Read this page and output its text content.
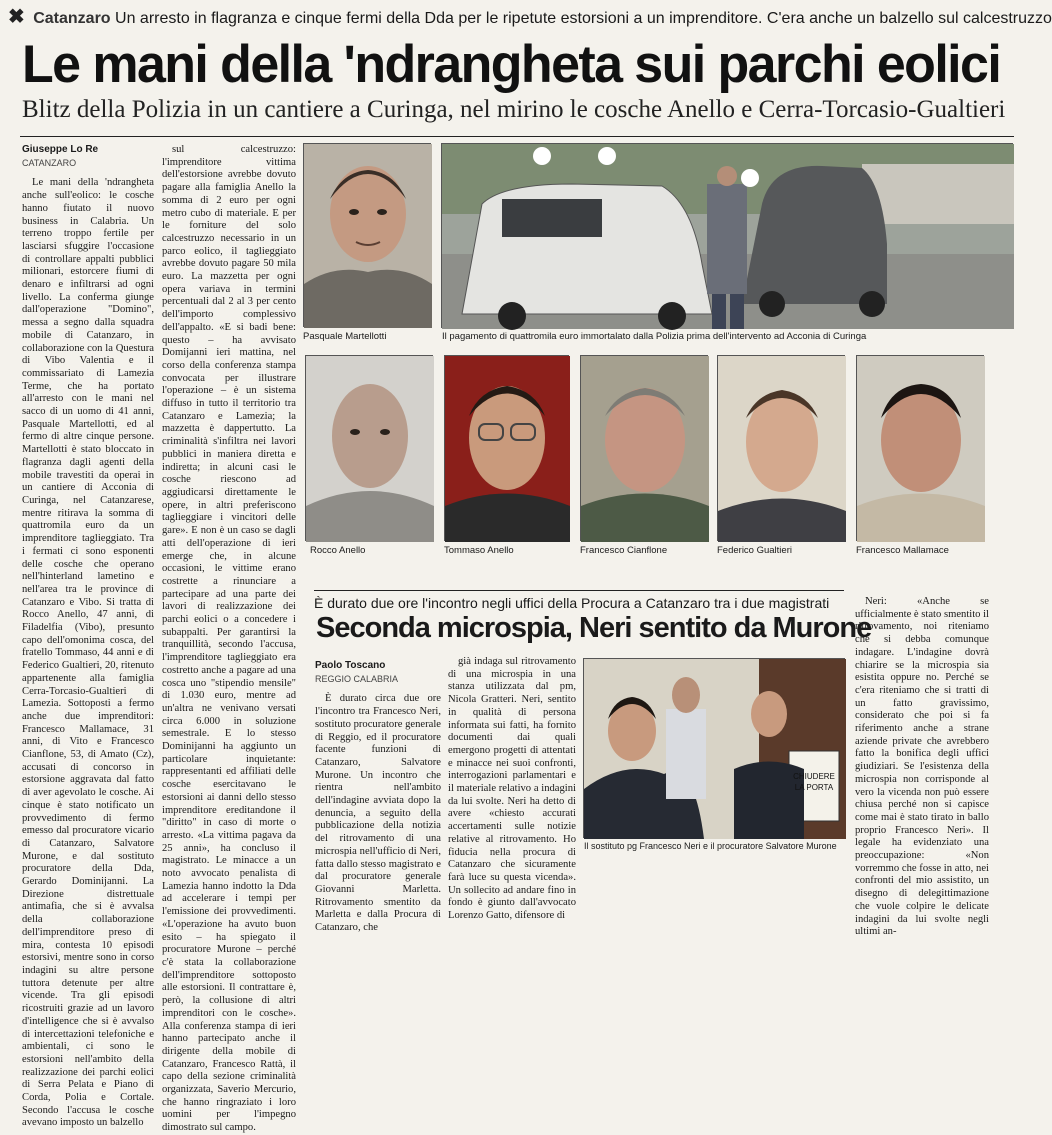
✖ Catanzaro Un arresto in flagranza e cinque fermi della Dda per le ripetute estorsioni a un imprenditore. C'era anche un balzello sul calcestruzzo
Le mani della 'ndrangheta sui parchi eolici
Blitz della Polizia in un cantiere a Curinga, nel mirino le cosche Anello e Cerra-Torcasio-Gualtieri
Giuseppe Lo Re
CATANZARO

Le mani della 'ndrangheta anche sull'eolico: le cosche hanno fiutato il nuovo business in Calabria. Un terreno troppo fertile per lasciarsi sfuggire l'occasione di controllare appalti pubblici milionari, estorcere fiumi di denaro e infiltrarsi ad ogni livello. La conferma giunge dall'operazione "Domino", messa a segno dalla squadra mobile di Catanzaro, in collaborazione con la Questura di Vibo Valentia e il commissariato di Lamezia Terme, che ha portato all'arresto con le mani nel sacco di un uomo di 41 anni, Pasquale Martellotti, ed al fermo di altre cinque persone. Martellotti è stato bloccato in flagranza dagli agenti della mobile travestiti da operai in un cantiere di Acconia di Curinga, nel Catanzarese, mentre ritirava la somma di quattromila euro da un imprenditore taglieggiato. Tra i fermati ci sono esponenti delle cosche che operano nell'hinterland lametino e nell'area tra le province di Catanzaro e Vibo. Si tratta di Rocco Anello, 47 anni, di Filadelfia (Vibo), presunto capo dell'omonima cosca, del fratello Tommaso, 44 anni e di Federico Gualtieri, 20, ritenuto appartenente alla famiglia Cerra-Torcasio-Gualtieri di Lamezia. Sottoposti a fermo anche due imprenditori: Francesco Mallamace, 31 anni, di Vito e Francesco Cianflone, 53, di Amato (Cz), accusati di concorso in estorsione aggravata dal fatto di aver agevolato le cosche. Ai cinque è stato notificato un provvedimento di fermo emesso dal procuratore vicario di Catanzaro, Salvatore Murone, e dal sostituto procuratore della Dda, Gerardo Dominijanni. La Direzione distrettuale antimafia, che si è avvalsa della collaborazione dell'imprenditore preso di mira, contesta 10 episodi estorsivi, mentre sono in corso indagini su altre persone tuttora detenute per altre vicende. Tra gli episodi ricostruiti grazie ad un lavoro d'intelligence che si è avvalso di intercettazioni telefoniche e ambientali, ci sono le estorsioni nell'ambito della realizzazione dei parchi eolici di Serra Pelata e Piano di Corda, Polia e Cortale. Secondo l'accusa le cosche avevano imposto un balzello

sul calcestruzzo: l'imprenditore vittima dell'estorsione avrebbe dovuto pagare alla famiglia Anello la somma di 2 euro per ogni metro cubo di materiale. E per le forniture del solo calcestruzzo necessario in un parco eolico, il taglieggiato avrebbe dovuto pagare 50 mila euro. La mazzetta per ogni opera variava in termini percentuali dal 2 al 3 per cento dell'importo complessivo dell'appalto. «E si badi bene: questo – ha avvisato Domijanni ieri mattina, nel corso della conferenza stampa convocata per illustrare l'operazione – è un sistema diffuso in tutto il territorio tra Catanzaro e Lamezia; la mazzetta è dappertutto. La criminalità s'infiltra nei lavori pubblici in maniera diretta e indiretta; in alcuni casi le cosche riescono ad aggiudicarsi direttamente le opere, in altri preferiscono taglieggiare i vincitori delle gare». E non è un caso se dagli atti dell'operazione di ieri emerge che, in alcune occasioni, le vittime erano costrette a rinunciare a partecipare ad una parte dei lavori di realizzazione dei parchi eolici o a concedere i subappalti. Per garantirsi la tranquillità, secondo l'accusa, l'imprenditore taglieggiato era costretto anche a pagare ad una cosca uno "stipendio mensile" di 1.030 euro, mentre ad un'altra ne venivano versati circa 6.000 in soluzione semestrale. E lo stesso Dominijanni ha aggiunto un particolare inquietante: rappresentanti ed affiliati delle cosche esercitavano le estorsioni ai danni dello stesso imprenditore ereditandone il "diritto" in caso di morte o arresto. «La vittima pagava da 25 anni», ha concluso il magistrato. Le minacce a un noto avvocato penalista di Lamezia hanno indotto la Dda ad accelerare i tempi per l'emissione dei provvedimenti. «L'operazione ha avuto buon esito – ha spiegato il procuratore Murone – perché c'è stata la collaborazione dell'imprenditore sottoposto alle estorsioni. Il contrattare è, però, la collusione di altri imprenditori con le cosche». Alla conferenza stampa di ieri hanno partecipato anche il dirigente della mobile di Catanzaro, Francesco Rattà, il capo della sezione criminalità organizzata, Saverio Mercurio, che hanno ringraziato i loro uomini per l'impegno dimostrato sul campo.

Pasquale Martellotti	Il pagamento di quattromila euro immortalato dalla Polizia prima dell'intervento ad Acconia di Curinga
Rocco Anello	Tommaso Anello	Francesco Cianflone	Federico Gualtieri	Francesco Mallamace
È durato due ore l'incontro negli uffici della Procura a Catanzaro tra i due magistrati
Seconda microspia, Neri sentito da Murone
Paolo Toscano
REGGIO CALABRIA

È durato circa due ore l'incontro tra Francesco Neri, sostituto procuratore generale di Reggio, ed il procuratore facente funzioni di Catanzaro, Salvatore Murone. Un incontro che rientra nell'ambito dell'indagine avviata dopo la denuncia, a seguito della pubblicazione della notizia del ritrovamento di una microspia nell'ufficio di Neri, fatta dallo stesso magistrato e dal procuratore generale Giovanni Marletta. Ritrovamento smentito da Marletta e dalla Procura di Catanzaro, che

già indaga sul ritrovamento di una microspia in una stanza utilizzata dal pm, Nicola Gratteri. Neri, sentito in qualità di persona informata sui fatti, ha fornito documenti dai quali emergono progetti di attentati e minacce nei suoi confronti, interrogazioni parlamentari e il materiale relativo a indagini da lui svolte. Neri ha detto di avere «chiesto accurati accertamenti sulle notizie relative al ritrovamento. Ho fiducia nella procura di Catanzaro che sicuramente farà luce su questa vicenda». Un sollecito ad andare fino in fondo è giunto dall'avvocato Lorenzo Gatto, difensore di

CHIUDERE LA PORTA
Il sostituto pg Francesco Neri e il procuratore Salvatore Murone

Neri: «Anche se ufficialmente è stato smentito il ritrovamento, noi riteniamo che si debba comunque indagare. L'indagine dovrà chiarire se la microspia sia esistita oppure no. Perché se c'era riteniamo che si tratti di un fatto gravissimo, considerato che poi si fa riferimento anche a strane aziende private che avrebbero fatto la bonifica degli uffici giudiziari. Se l'esistenza della microspia non corrisponde al vero la vicenda non può essere chiusa perché non si capisce come mai è stato tirato in ballo proprio Francesco Neri». Il legale ha evidenziato una preoccupazione: «Non vorremmo che fosse in atto, nei confronti del mio assistito, un disegno di delegittimazione che vuole colpire le delicate indagini da lui svolte negli ultimi an-
